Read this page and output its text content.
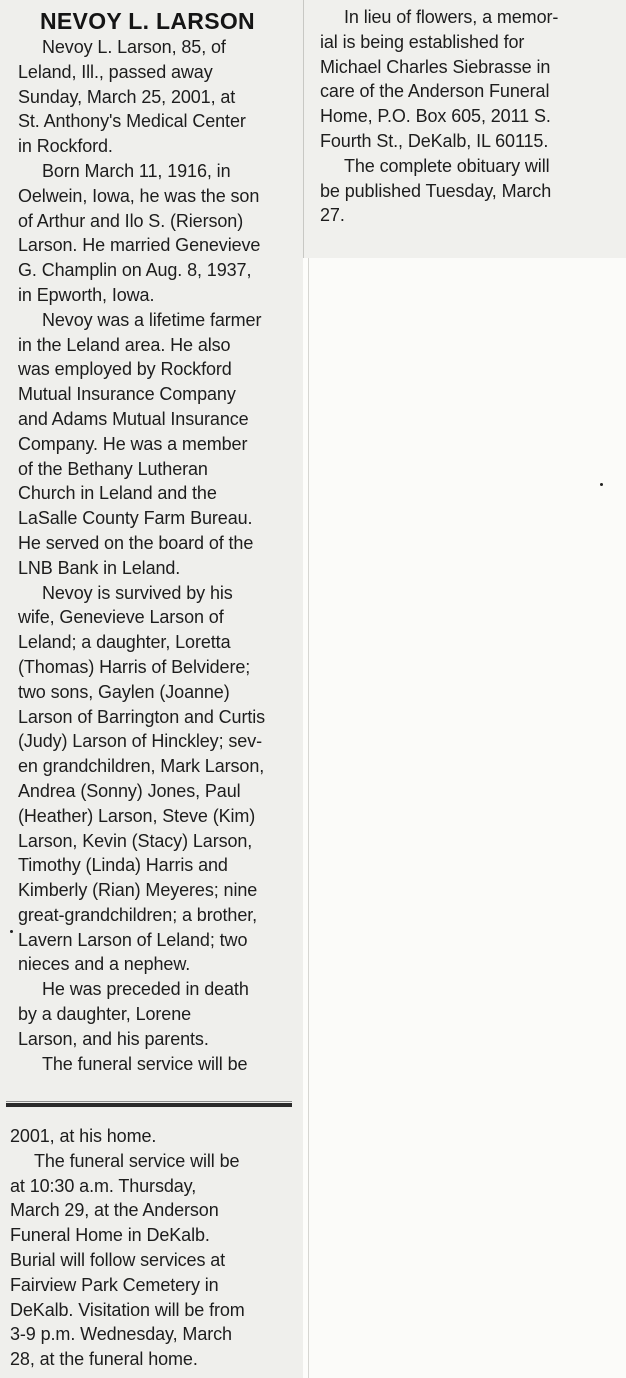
NEVOY L. LARSON
Nevoy L. Larson, 85, of
Leland, Ill., passed away
Sunday, March 25, 2001, at
St. Anthony's Medical Center
in Rockford.
Born March 11, 1916, in
Oelwein, Iowa, he was the son
of Arthur and Ilo S. (Rierson)
Larson. He married Genevieve
G. Champlin on Aug. 8, 1937,
in Epworth, Iowa.
Nevoy was a lifetime farmer
in the Leland area. He also
was employed by Rockford
Mutual Insurance Company
and Adams Mutual Insurance
Company. He was a member
of the Bethany Lutheran
Church in Leland and the
LaSalle County Farm Bureau.
He served on the board of the
LNB Bank in Leland.
Nevoy is survived by his
wife, Genevieve Larson of
Leland; a daughter, Loretta
(Thomas) Harris of Belvidere;
two sons, Gaylen (Joanne)
Larson of Barrington and Curtis
(Judy) Larson of Hinckley; sev-
en grandchildren, Mark Larson,
Andrea (Sonny) Jones, Paul
(Heather) Larson, Steve (Kim)
Larson, Kevin (Stacy) Larson,
Timothy (Linda) Harris and
Kimberly (Rian) Meyeres; nine
great-grandchildren; a brother,
Lavern Larson of Leland; two
nieces and a nephew.
He was preceded in death
by a daughter, Lorene
Larson, and his parents.
The funeral service will be
In lieu of flowers, a memor-
ial is being established for
Michael Charles Siebrasse in
care of the Anderson Funeral
Home, P.O. Box 605, 2011 S.
Fourth St., DeKalb, IL 60115.
The complete obituary will
be published Tuesday, March
27.
2001, at his home.
The funeral service will be
at 10:30 a.m. Thursday,
March 29, at the Anderson
Funeral Home in DeKalb.
Burial will follow services at
Fairview Park Cemetery in
DeKalb. Visitation will be from
3-9 p.m. Wednesday, March
28, at the funeral home.
